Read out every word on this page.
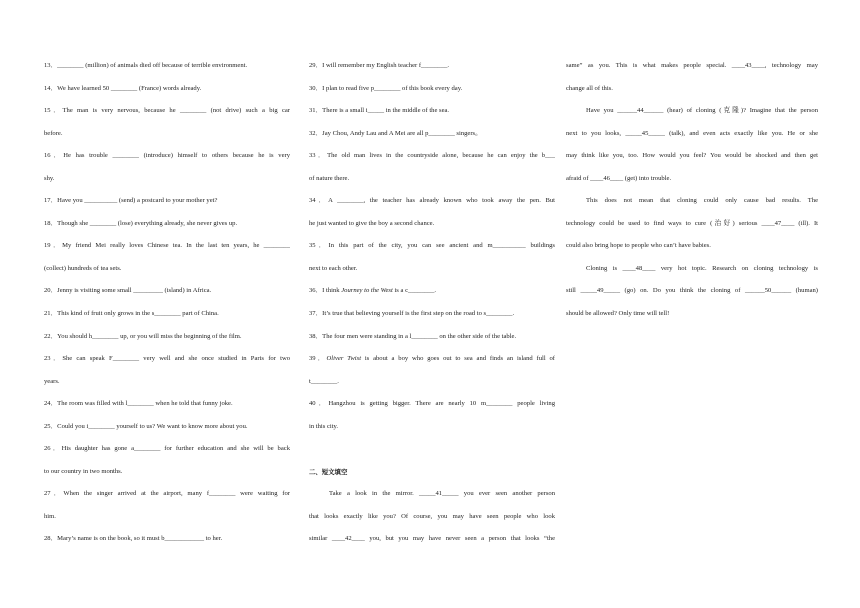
13．________ (million) of animals died off because of terrible environment.
14．We have learned 50 ________ (France) words already.
15．The man is very nervous, because he ________ (not drive) such a big car
before.
16．He has trouble ________ (introduce) himself to others because he is very
shy.
17．Have you __________ (send) a postcard to your mother yet?
18．Though she ________ (lose) everything already, she never gives up.
19．My friend Mei really loves Chinese tea. In the last ten years, he ________
(collect) hundreds of tea sets.
20．Jenny is visiting some small _________ (island) in Africa.
21．This kind of fruit only grows in the s________ part of China.
22．You should h________ up, or you will miss the beginning of the film.
23．She can speak F________ very well and she once studied in Paris for two
years.
24．The room was filled with l________ when he told that funny joke.
25．Could you i________ yourself to us? We want to know more about you.
26．His daughter has gone a________ for further education and she will be back
to our country in two months.
27．When the singer arrived at the airport, many f________ were waiting for
him.
28．Mary’s name is on the book, so it must b____________ to her.
29．I will remember my English teacher f________.
30．I plan to read five p________ of this book every day.
31．There is a small i_____ in the middle of the sea.
32．Jay Chou, Andy Lau and A Mei are all p________ singers。
33．The old man lives in the countryside alone, because he can enjoy the b___
of nature there.
34．A ________, the teacher has already known who took away the pen. But
he just wanted to give the boy a second chance.
35．In this part of the city, you can see ancient and m__________ buildings
next to each other.
36．I think Journey to the West is a c________.
37．It’s true that believing yourself is the first step on the road to s________.
38．The four men were standing in a l________ on the other side of the table.
39．Oliver Twist is about a boy who goes out to sea and finds an island full of
t________.
40．Hangzhou is getting bigger. There are nearly 10 m________ people living
in this city.
二、短文填空
Take a look in the mirror. _____41_____ you ever seen another person
that looks exactly like you? Of course, you may have seen people who look
similar ____42____ you, but you may have never seen a person that looks “the
same” as you. This is what makes people special. ____43____, technology may
change all of this.
Have you ______44______ (hear) of cloning (克隆)? Imagine that the person
next to you looks, _____45_____ (talk), and even acts exactly like you. He or she
may think like you, too. How would you feel? You would be shocked and then get
afraid of ____46____ (get) into trouble.
This does not mean that cloning could only cause bad results. The
technology could be used to find ways to cure (治好) serious ____47____ (ill). It
could also bring hope to people who can’t have babies.
Cloning is ____48____ very hot topic. Research on cloning technology is
still _____49_____ (go) on. Do you think the cloning of ______50______ (human)
should be allowed? Only time will tell!
